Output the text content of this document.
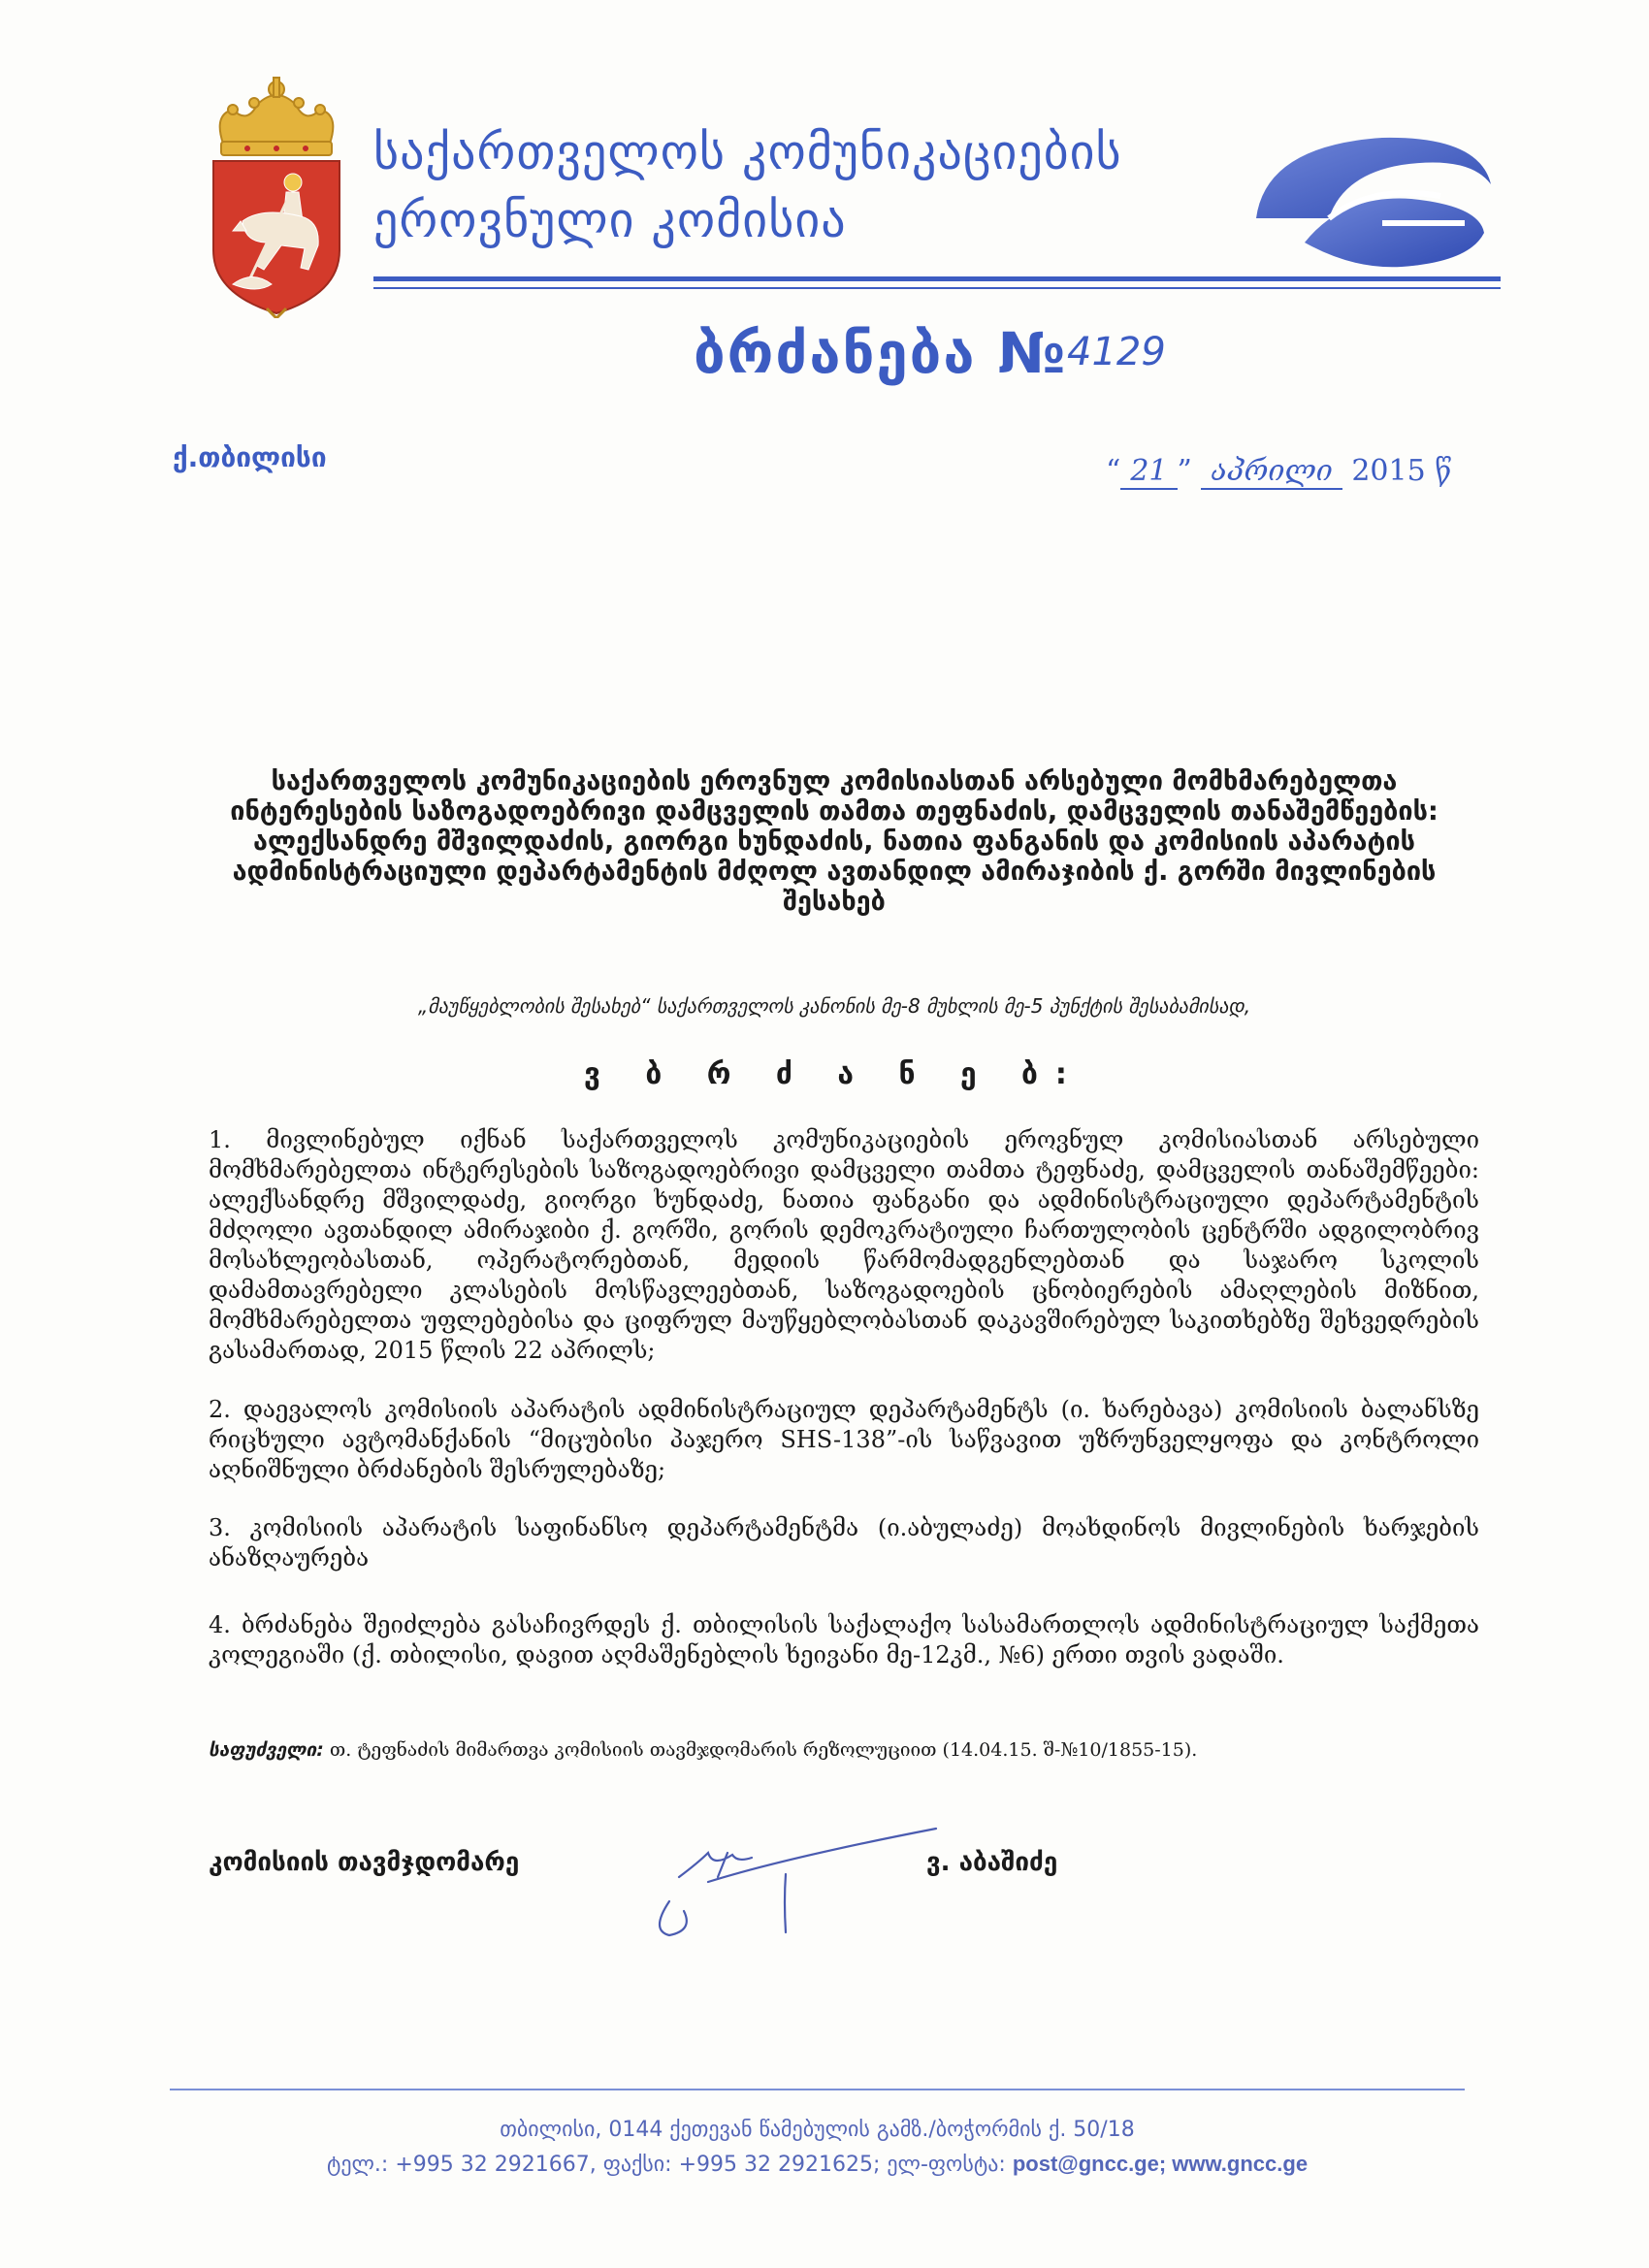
საქართველოს კომუნიკაციების
ეროვნული კომისია
ბრძანება № 4129
ქ.თბილისი	“ 21 ” აპრილი 2015 წ
საქართველოს კომუნიკაციების ეროვნულ კომისიასთან არსებული მომხმარებელთა ინტერესების საზოგადოებრივი დამცველის თამთა თეფნაძის, დამცველის თანაშემწეების: ალექსანდრე მშვილდაძის, გიორგი ხუნდაძის, ნათია ფანგანის და კომისიის აპარატის ადმინისტრაციული დეპარტამენტის მძღოლ ავთანდილ ამირაჯიბის ქ. გორში მივლინების შესახებ
„მაუწყებლობის შესახებ“ საქართველოს კანონის მე-8 მუხლის მე-5 პუნქტის შესაბამისად,
ვ ბ რ ძ ა ნ ე ბ:
1. მივლინებულ იქნან საქართველოს კომუნიკაციების ეროვნულ კომისიასთან არსებული მომხმარებელთა ინტერესების საზოგადოებრივი დამცველი თამთა ტეფნაძე, დამცველის თანაშემწეები: ალექსანდრე მშვილდაძე, გიორგი ხუნდაძე, ნათია ფანგანი და ადმინისტრაციული დეპარტამენტის მძღოლი ავთანდილ ამირაჯიბი ქ. გორში, გორის დემოკრატიული ჩართულობის ცენტრში ადგილობრივ მოსახლეობასთან, ოპერატორებთან, მედიის წარმომადგენლებთან და საჯარო სკოლის დამამთავრებელი კლასების მოსწავლეებთან, საზოგადოების ცნობიერების ამაღლების მიზნით, მომხმარებელთა უფლებებისა და ციფრულ მაუწყებლობასთან დაკავშირებულ საკითხებზე შეხვედრების გასამართად, 2015 წლის 22 აპრილს;
2. დაევალოს კომისიის აპარატის ადმინისტრაციულ დეპარტამენტს (ი. ხარებავა) კომისიის ბალანსზე რიცხული ავტომანქანის “მიცუბისი პაჯერო SHS-138”-ის საწვავით უზრუნველყოფა და კონტროლი აღნიშნული ბრძანების შესრულებაზე;
3. კომისიის აპარატის საფინანსო დეპარტამენტმა (ი.აბულაძე) მოახდინოს მივლინების ხარჯების ანაზღაურება
4. ბრძანება შეიძლება გასაჩივრდეს ქ. თბილისის საქალაქო სასამართლოს ადმინისტრაციულ საქმეთა კოლეგიაში (ქ. თბილისი, დავით აღმაშენებლის ხეივანი მე-12კმ., №6) ერთი თვის ვადაში.
საფუძველი: თ. ტეფნაძის მიმართვა კომისიის თავმჯდომარის რეზოლუციით (14.04.15. შ-№10/1855-15).
კომისიის თავმჯდომარე	ვ. აბაშიძე
თბილისი, 0144 ქეთევან წამებულის გამზ./ბოჭორმის ქ. 50/18
ტელ.: +995 32 2921667, ფაქსი: +995 32 2921625; ელ-ფოსტა: post@gncc.ge; www.gncc.ge
